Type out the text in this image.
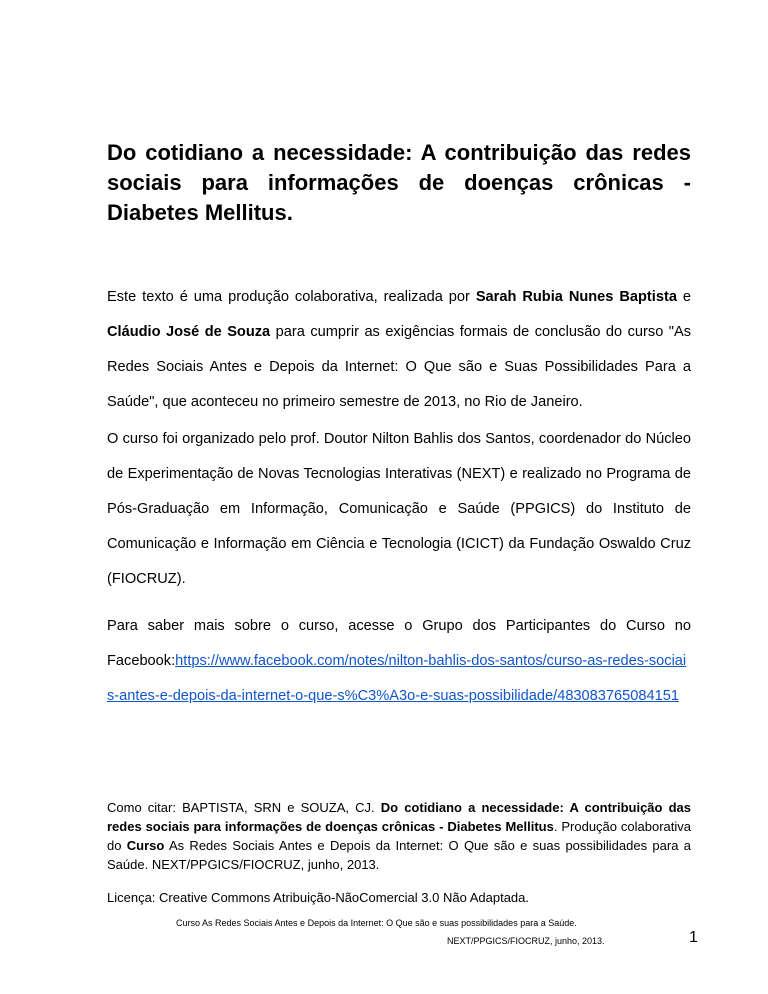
Do cotidiano a necessidade: A contribuição das redes sociais para informações de doenças crônicas - Diabetes Mellitus.
Este texto é uma produção colaborativa, realizada por Sarah Rubia Nunes Baptista e Cláudio José de Souza para cumprir as exigências formais de conclusão do curso "As Redes Sociais Antes e Depois da Internet: O Que são e Suas Possibilidades Para a Saúde", que aconteceu no primeiro semestre de 2013, no Rio de Janeiro.
O curso foi organizado pelo prof. Doutor Nilton Bahlis dos Santos, coordenador do Núcleo de Experimentação de Novas Tecnologias Interativas (NEXT) e realizado no Programa de Pós-Graduação em Informação, Comunicação e Saúde (PPGICS) do Instituto de Comunicação e Informação em Ciência e Tecnologia (ICICT) da Fundação Oswaldo Cruz (FIOCRUZ).
Para saber mais sobre o curso, acesse o Grupo dos Participantes do Curso no Facebook:https://www.facebook.com/notes/nilton-bahlis-dos-santos/curso-as-redes-sociais-antes-e-depois-da-internet-o-que-s%C3%A3o-e-suas-possibilidade/483083765084151
Como citar: BAPTISTA, SRN e SOUZA, CJ. Do cotidiano a necessidade: A contribuição das redes sociais para informações de doenças crônicas - Diabetes Mellitus. Produção colaborativa do Curso As Redes Sociais Antes e Depois da Internet: O Que são e suas possibilidades para a Saúde. NEXT/PPGICS/FIOCRUZ, junho, 2013.
Licença: Creative Commons Atribuição-NãoComercial 3.0 Não Adaptada.
Curso As Redes Sociais Antes e Depois da Internet: O Que são e suas possibilidades para a Saúde.
NEXT/PPGICS/FIOCRUZ, junho, 2013.	1
